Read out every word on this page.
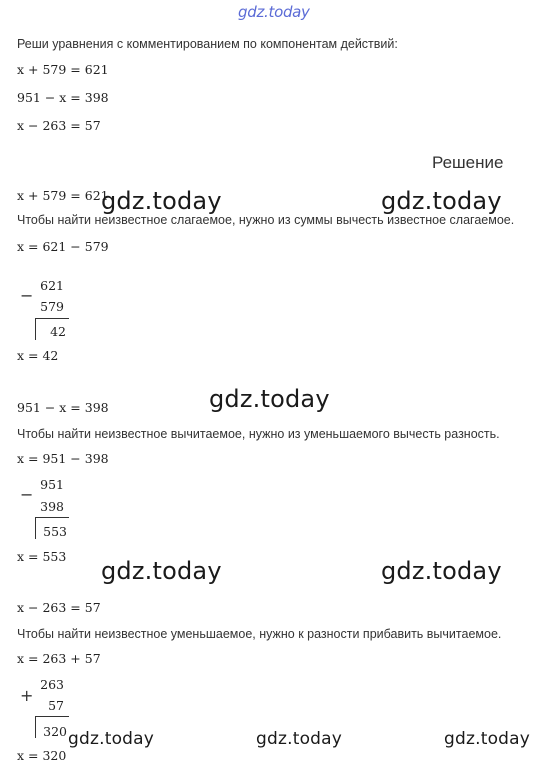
gdz.today
Реши уравнения с комментированием по компонентам действий:
x + 579 = 621
951 − x = 398
x − 263 = 57
Решение
x + 579 = 621
Чтобы найти неизвестное слагаемое, нужно из суммы вычесть известное слагаемое.
x = 621 − 579
−
621
579
42
x = 42
951 − x = 398
Чтобы найти неизвестное вычитаемое, нужно из уменьшаемого вычесть разность.
x = 951 − 398
−
951
398
553
x = 553
x − 263 = 57
Чтобы найти неизвестное уменьшаемое, нужно к разности прибавить вычитаемое.
x = 263 + 57
+
263
57
320
x = 320
gdz.today	gdz.today
gdz.today
gdz.today	gdz.today
gdz.today	gdz.today	gdz.today
